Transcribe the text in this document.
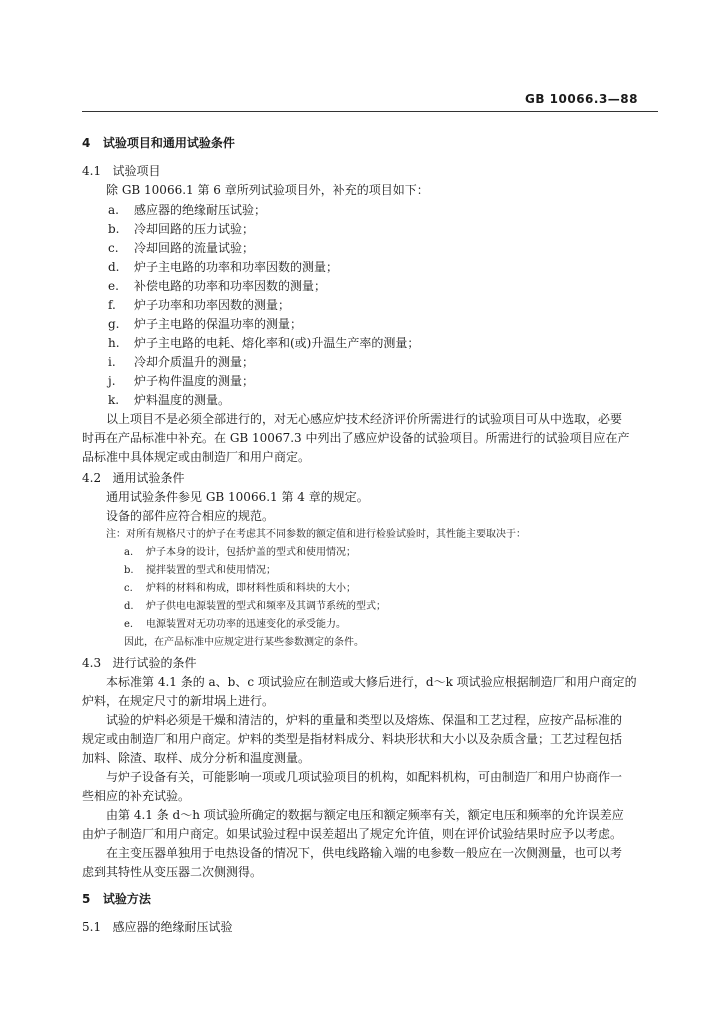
GB 10066.3—88
4 试验项目和通用试验条件
4.1 试验项目
除 GB 10066.1 第 6 章所列试验项目外，补充的项目如下：
a. 感应器的绝缘耐压试验；
b. 冷却回路的压力试验；
c. 冷却回路的流量试验；
d. 炉子主电路的功率和功率因数的测量；
e. 补偿电路的功率和功率因数的测量；
f. 炉子功率和功率因数的测量；
g. 炉子主电路的保温功率的测量；
h. 炉子主电路的电耗、熔化率和(或)升温生产率的测量；
i. 冷却介质温升的测量；
j. 炉子构件温度的测量；
k. 炉料温度的测量。
以上项目不是必须全部进行的，对无心感应炉技术经济评价所需进行的试验项目可从中选取，必要
时再在产品标准中补充。在 GB 10067.3 中列出了感应炉设备的试验项目。所需进行的试验项目应在产
品标准中具体规定或由制造厂和用户商定。
4.2 通用试验条件
通用试验条件参见 GB 10066.1 第 4 章的规定。
设备的部件应符合相应的规范。
注：对所有规格尺寸的炉子在考虑其不同参数的额定值和进行检验试验时，其性能主要取决于：
a. 炉子本身的设计，包括炉盖的型式和使用情况；
b. 搅拌装置的型式和使用情况；
c. 炉料的材料和构成，即材料性质和料块的大小；
d. 炉子供电电源装置的型式和频率及其调节系统的型式；
e. 电源装置对无功功率的迅速变化的承受能力。
因此，在产品标准中应规定进行某些参数测定的条件。
4.3 进行试验的条件
本标准第 4.1 条的 a、b、c 项试验应在制造或大修后进行，d～k 项试验应根据制造厂和用户商定的
炉料，在规定尺寸的新坩埚上进行。
试验的炉料必须是干燥和清洁的，炉料的重量和类型以及熔炼、保温和工艺过程，应按产品标准的
规定或由制造厂和用户商定。炉料的类型是指材料成分、料块形状和大小以及杂质含量；工艺过程包括
加料、除渣、取样、成分分析和温度测量。
与炉子设备有关，可能影响一项或几项试验项目的机构，如配料机构，可由制造厂和用户协商作一
些相应的补充试验。
由第 4.1 条 d～h 项试验所确定的数据与额定电压和额定频率有关，额定电压和频率的允许误差应
由炉子制造厂和用户商定。如果试验过程中误差超出了规定允许值，则在评价试验结果时应予以考虑。
在主变压器单独用于电热设备的情况下，供电线路输入端的电参数一般应在一次侧测量，也可以考
虑到其特性从变压器二次侧测得。
5 试验方法
5.1 感应器的绝缘耐压试验
